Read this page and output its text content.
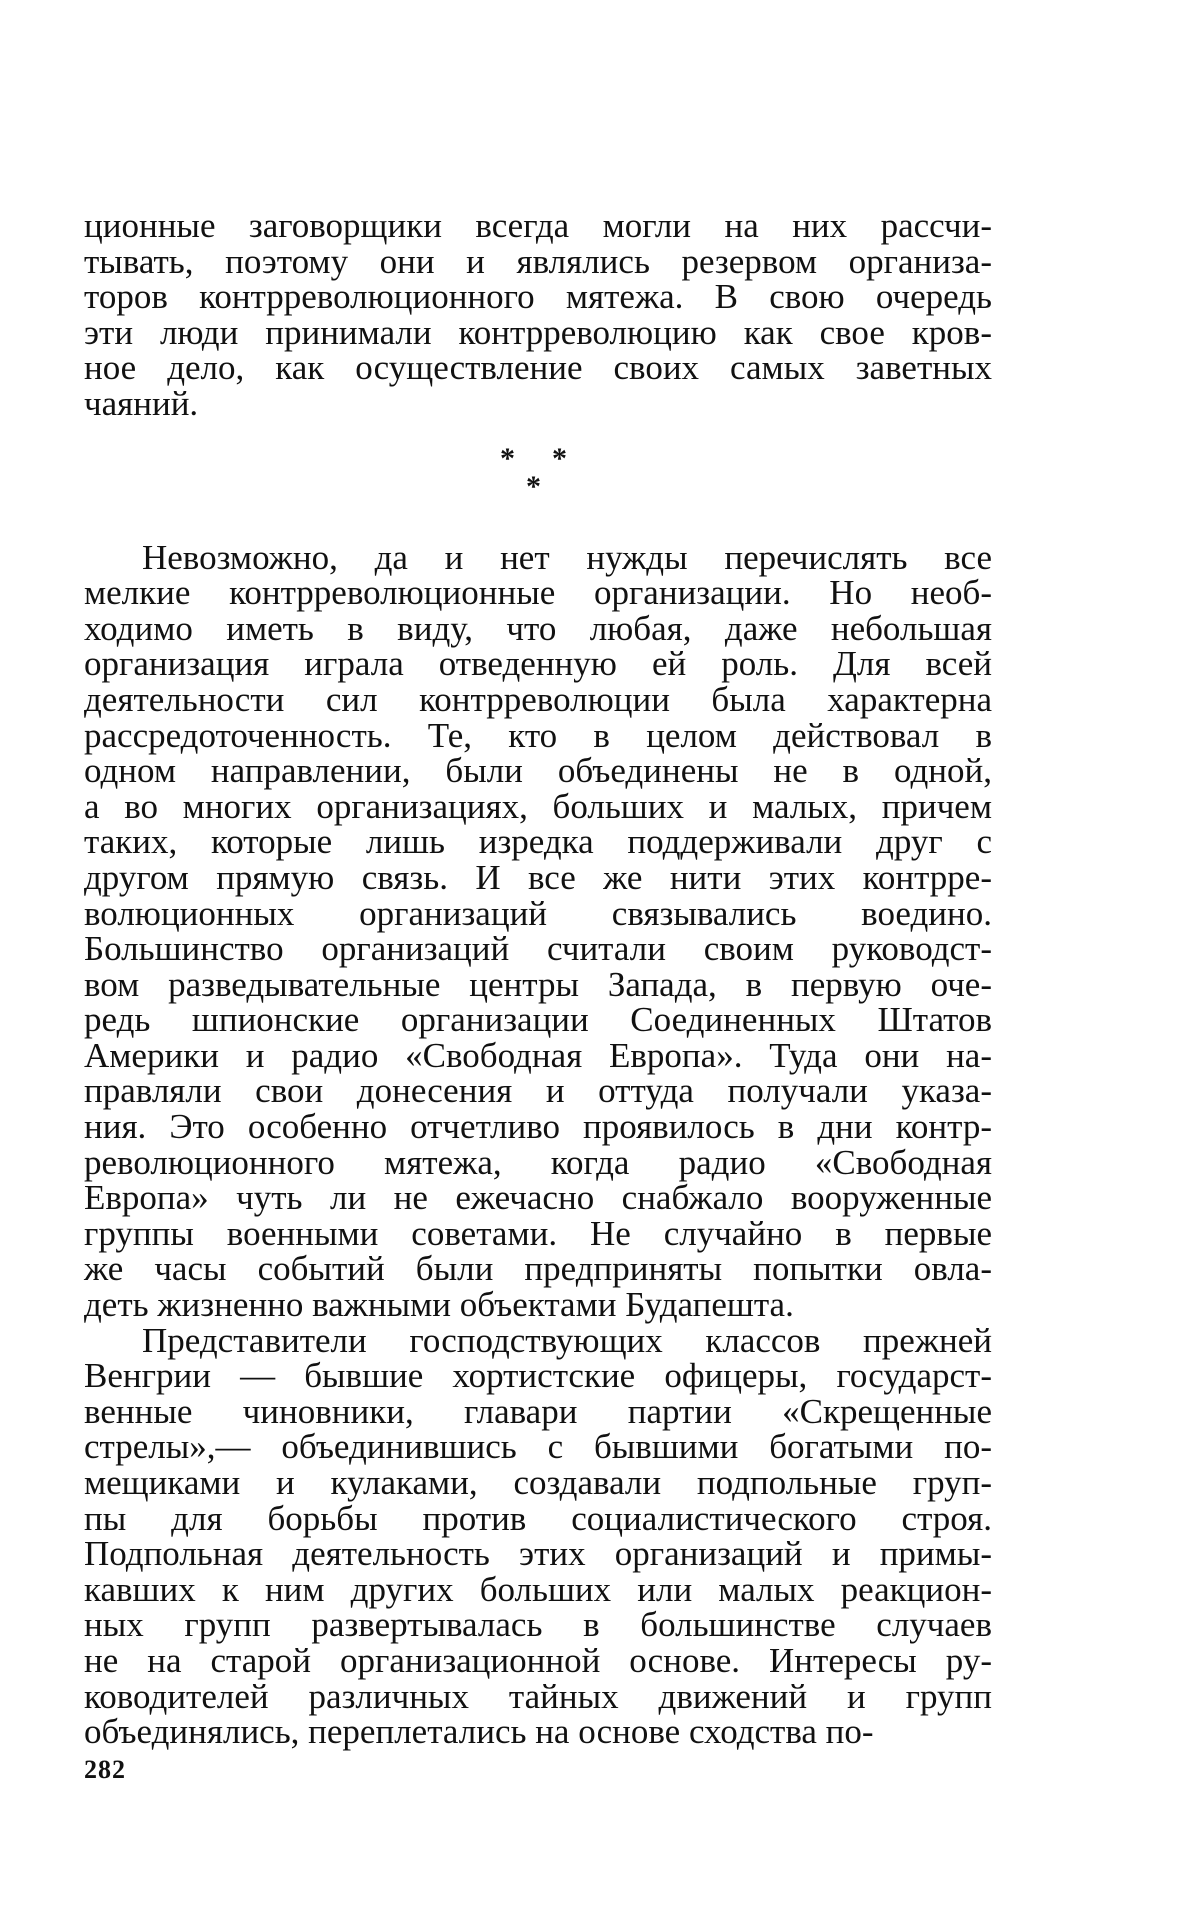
ционные заговорщики всегда могли на них рассчи-
тывать, поэтому они и являлись резервом организа-
торов контрреволюционного мятежа. В свою очередь
эти люди принимали контрреволюцию как свое кров-
ное дело, как осуществление своих самых заветных
чаяний.

* *
*

Невозможно, да и нет нужды перечислять все
мелкие контрреволюционные организации. Но необ-
ходимо иметь в виду, что любая, даже небольшая
организация играла отведенную ей роль. Для всей
деятельности сил контрреволюции была характерна
рассредоточенность. Те, кто в целом действовал в
одном направлении, были объединены не в одной,
а во многих организациях, больших и малых, причем
таких, которые лишь изредка поддерживали друг с
другом прямую связь. И все же нити этих контрре-
волюционных организаций связывались воедино.
Большинство организаций считали своим руководст-
вом разведывательные центры Запада, в первую оче-
редь шпионские организации Соединенных Штатов
Америки и радио «Свободная Европа». Туда они на-
правляли свои донесения и оттуда получали указа-
ния. Это особенно отчетливо проявилось в дни контр-
революционного мятежа, когда радио «Свободная
Европа» чуть ли не ежечасно снабжало вооруженные
группы военными советами. Не случайно в первые
же часы событий были предприняты попытки овла-
деть жизненно важными объектами Будапешта.

Представители господствующих классов прежней
Венгрии — бывшие хортистские офицеры, государст-
венные чиновники, главари партии «Скрещенные
стрелы»,— объединившись с бывшими богатыми по-
мещиками и кулаками, создавали подпольные груп-
пы для борьбы против социалистического строя.
Подпольная деятельность этих организаций и примы-
кавших к ним других больших или малых реакцион-
ных групп развертывалась в большинстве случаев
не на старой организационной основе. Интересы ру-
ководителей различных тайных движений и групп
объединялись, переплетались на основе сходства по-

282
